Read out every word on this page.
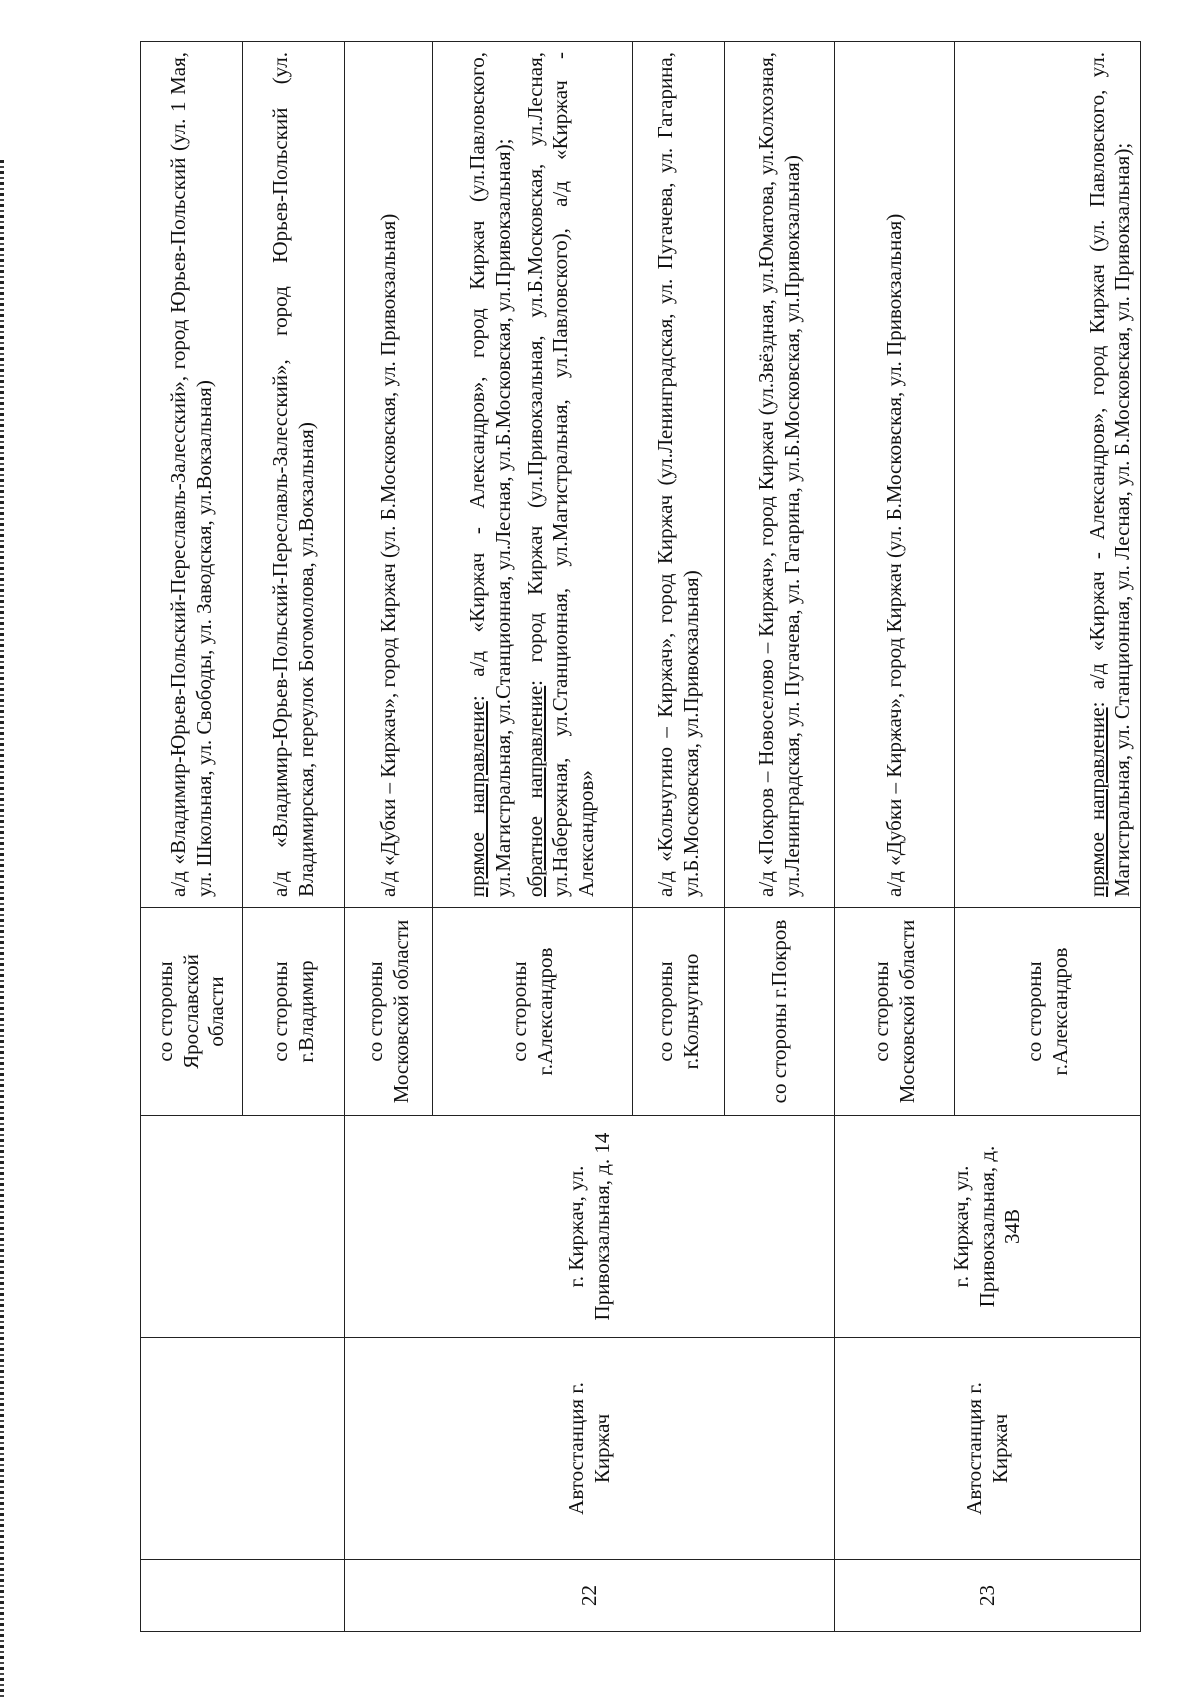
			со стороны Ярославской области	а/д «Владимир-Юрьев-Польский-Переславль-Залесский», город Юрьев-Польский (ул. 1 Мая, ул. Школьная, ул. Свободы, ул. Заводская, ул.Вокзальная)
			со стороны г.Владимир	а/д «Владимир-Юрьев-Польский-Переславль-Залесский», город Юрьев-Польский (ул. Владимирская, переулок Богомолова, ул.Вокзальная)
22	Автостанция г. Киржач	г. Киржач, ул. Привокзальная, д. 14	со стороны Московской области	а/д «Дубки – Киржач», город Киржач (ул. Б.Московская, ул. Привокзальная)
			со стороны г.Александров	прямое направление: а/д «Киржач - Александров», город Киржач (ул.Павловского, ул.Магистральная, ул.Станционная, ул.Лесная, ул.Б.Московская, ул.Привокзальная); обратное направление: город Киржач (ул.Привокзальная, ул.Б.Московская, ул.Лесная, ул.Набережная, ул.Станционная, ул.Магистральная, ул.Павловского), а/д «Киржач - Александров»

			со стороны г.Кольчугино	а/д «Кольчугино – Киржач», город Киржач (ул.Ленинградская, ул. Пугачева, ул. Гагарина, ул.Б.Московская, ул.Привокзальная)
			со стороны г.Покров	а/д «Покров – Новоселово – Киржач», город Киржач (ул.Звёздная, ул.Юматова, ул.Колхозная, ул.Ленинградская, ул. Пугачева, ул. Гагарина, ул.Б.Московская, ул.Привокзальная)
23	Автостанция г. Киржач	г. Киржач, ул. Привокзальная, д. 34В	со стороны Московской области	а/д «Дубки – Киржач», город Киржач (ул. Б.Московская, ул. Привокзальная)
			со стороны г.Александров	прямое направление: а/д «Киржач - Александров», город Киржач (ул. Павловского, ул. Магистральная, ул. Станционная, ул. Лесная, ул. Б.Московская, ул. Привокзальная);
